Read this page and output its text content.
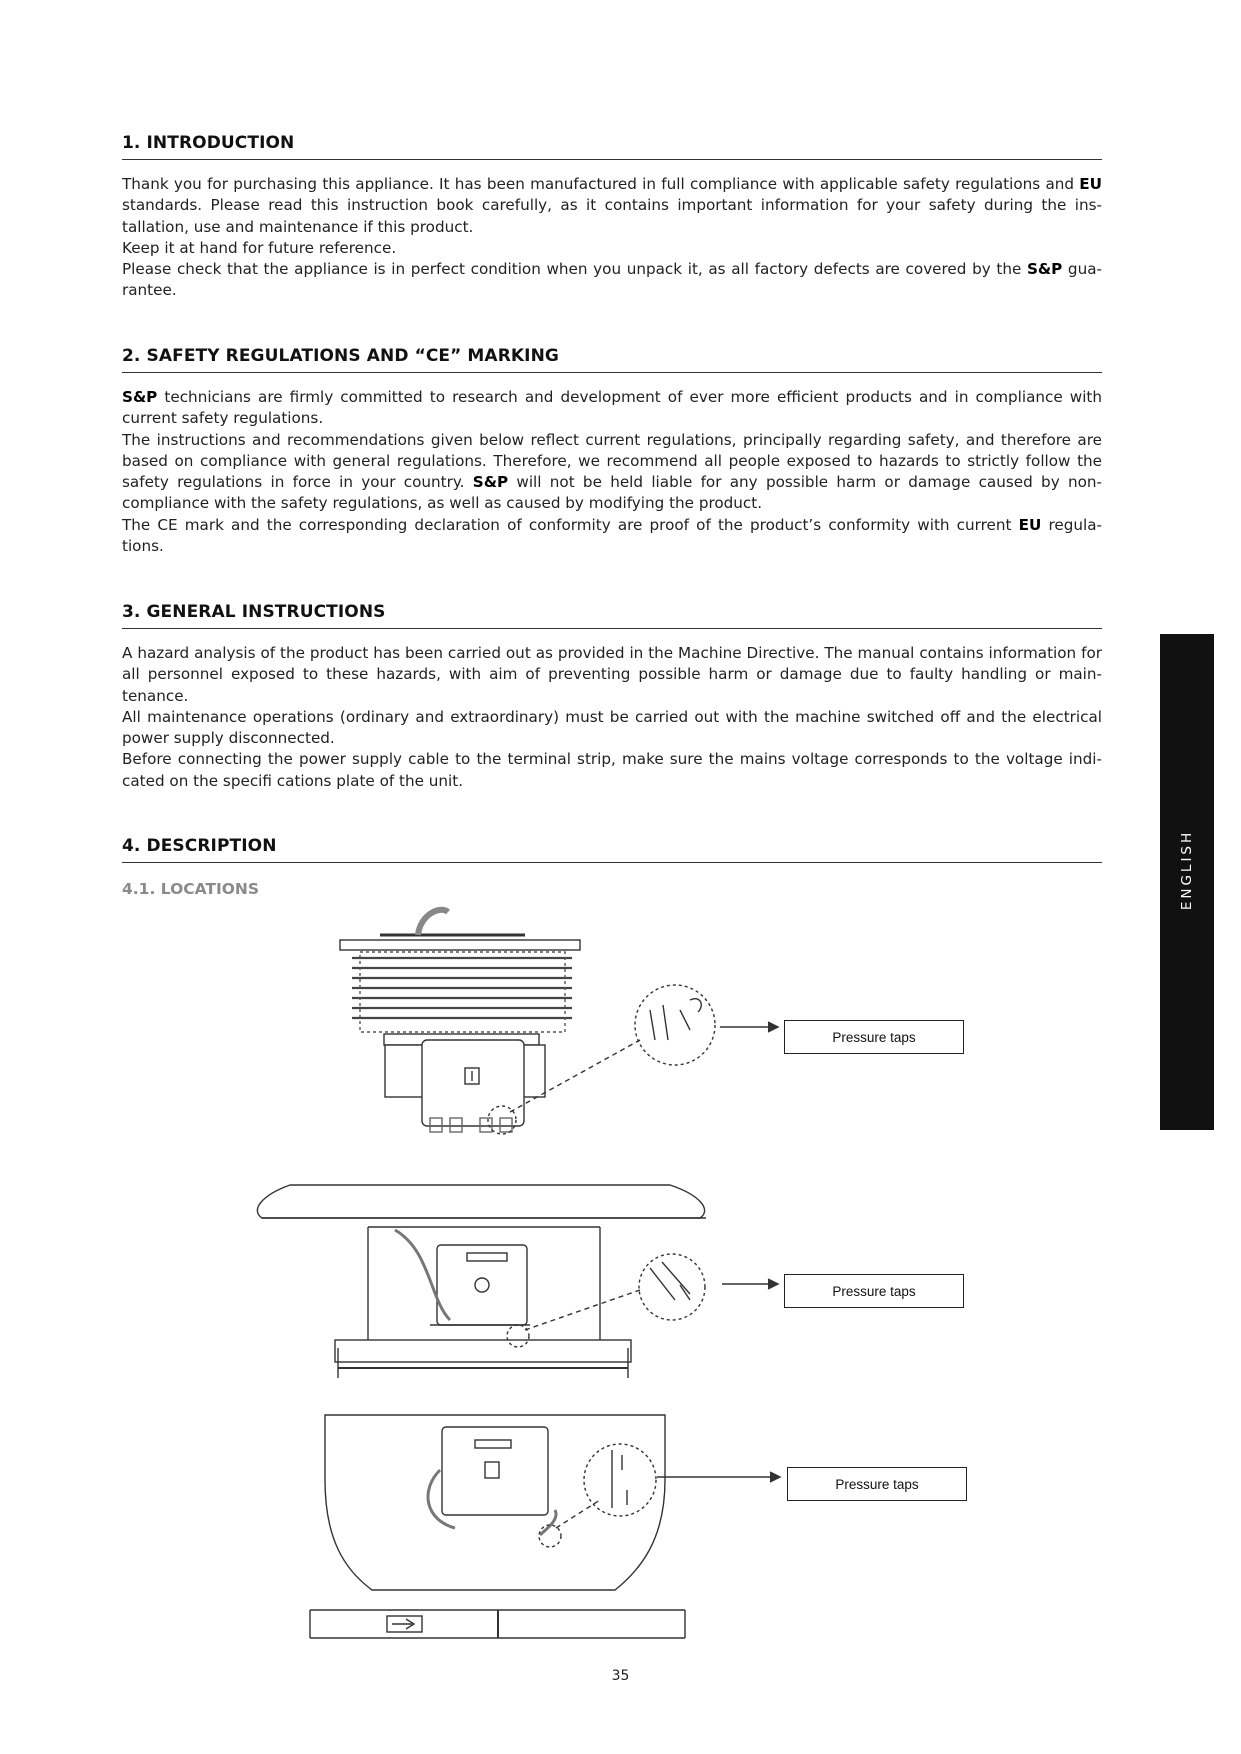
1. INTRODUCTION

Thank you for purchasing this appliance. It has been manufactured in full compliance with applicable safety regulations and EU standards. Please read this instruction book carefully, as it contains important information for your safety during the ins-tallation, use and maintenance if this product.

Keep it at hand for future reference.

Please check that the appliance is in perfect condition when you unpack it, as all factory defects are covered by the S&P gua-rantee.

2. SAFETY REGULATIONS AND “CE” MARKING

S&P technicians are firmly committed to research and development of ever more efficient products and in compliance with current safety regulations.

The instructions and recommendations given below reflect current regulations, principally regarding safety, and therefore are based on compliance with general regulations. Therefore, we recommend all people exposed to hazards to strictly follow the safety regulations in force in your country. S&P will not be held liable for any possible harm or damage caused by non-compliance with the safety regulations, as well as caused by modifying the product.

The CE mark and the corresponding declaration of conformity are proof of the product’s conformity with current EU regula-tions.

3. GENERAL INSTRUCTIONS

A hazard analysis of the product has been carried out as provided in the Machine Directive. The manual contains information for all personnel exposed to these hazards, with aim of preventing possible harm or damage due to faulty handling or main-tenance.

All maintenance operations (ordinary and extraordinary) must be carried out with the machine switched off and the electrical power supply disconnected.

Before connecting the power supply cable to the terminal strip, make sure the mains voltage corresponds to the voltage indi-cated on the specifi cations plate of the unit.

4. DESCRIPTION
4.1. LOCATIONS
Pressure taps
Pressure taps
Pressure taps
ENGLISH
35
